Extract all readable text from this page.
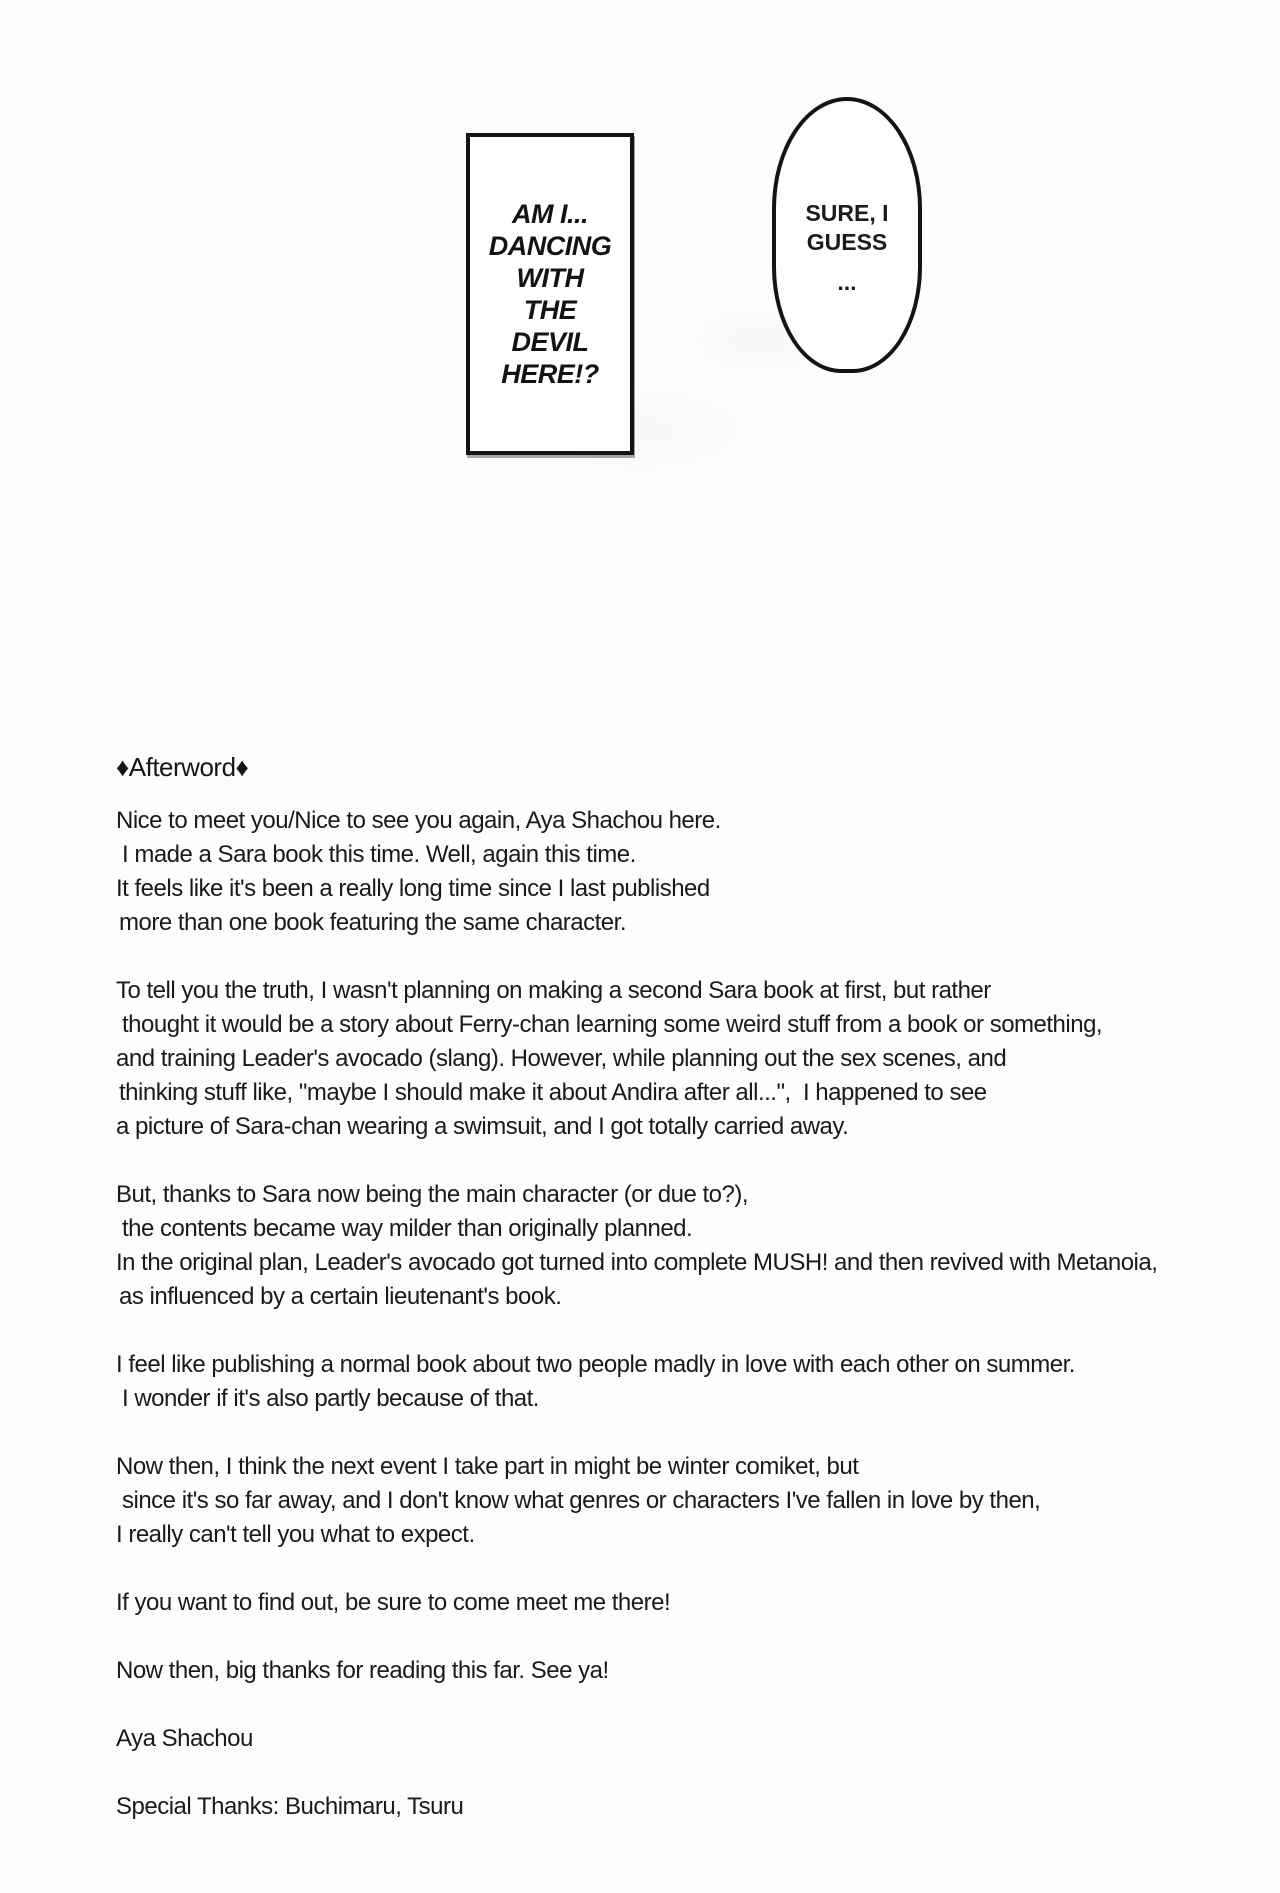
AM I...
DANCING
WITH
THE
DEVIL
HERE!?
SURE, I
GUESS
...
♦Afterword♦
Nice to meet you/Nice to see you again, Aya Shachou here.
I made a Sara book this time. Well, again this time.
It feels like it's been a really long time since I last published
more than one book featuring the same character.
To tell you the truth, I wasn't planning on making a second Sara book at first, but rather
thought it would be a story about Ferry-chan learning some weird stuff from a book or something,
and training Leader's avocado (slang). However, while planning out the sex scenes, and
thinking stuff like, "maybe I should make it about Andira after all...",  I happened to see
a picture of Sara-chan wearing a swimsuit, and I got totally carried away.
But, thanks to Sara now being the main character (or due to?),
the contents became way milder than originally planned.
In the original plan, Leader's avocado got turned into complete MUSH! and then revived with Metanoia,
as influenced by a certain lieutenant's book.
I feel like publishing a normal book about two people madly in love with each other on summer.
I wonder if it's also partly because of that.
Now then, I think the next event I take part in might be winter comiket, but
since it's so far away, and I don't know what genres or characters I've fallen in love by then,
I really can't tell you what to expect.
If you want to find out, be sure to come meet me there!
Now then, big thanks for reading this far. See ya!
Aya Shachou
Special Thanks: Buchimaru, Tsuru
